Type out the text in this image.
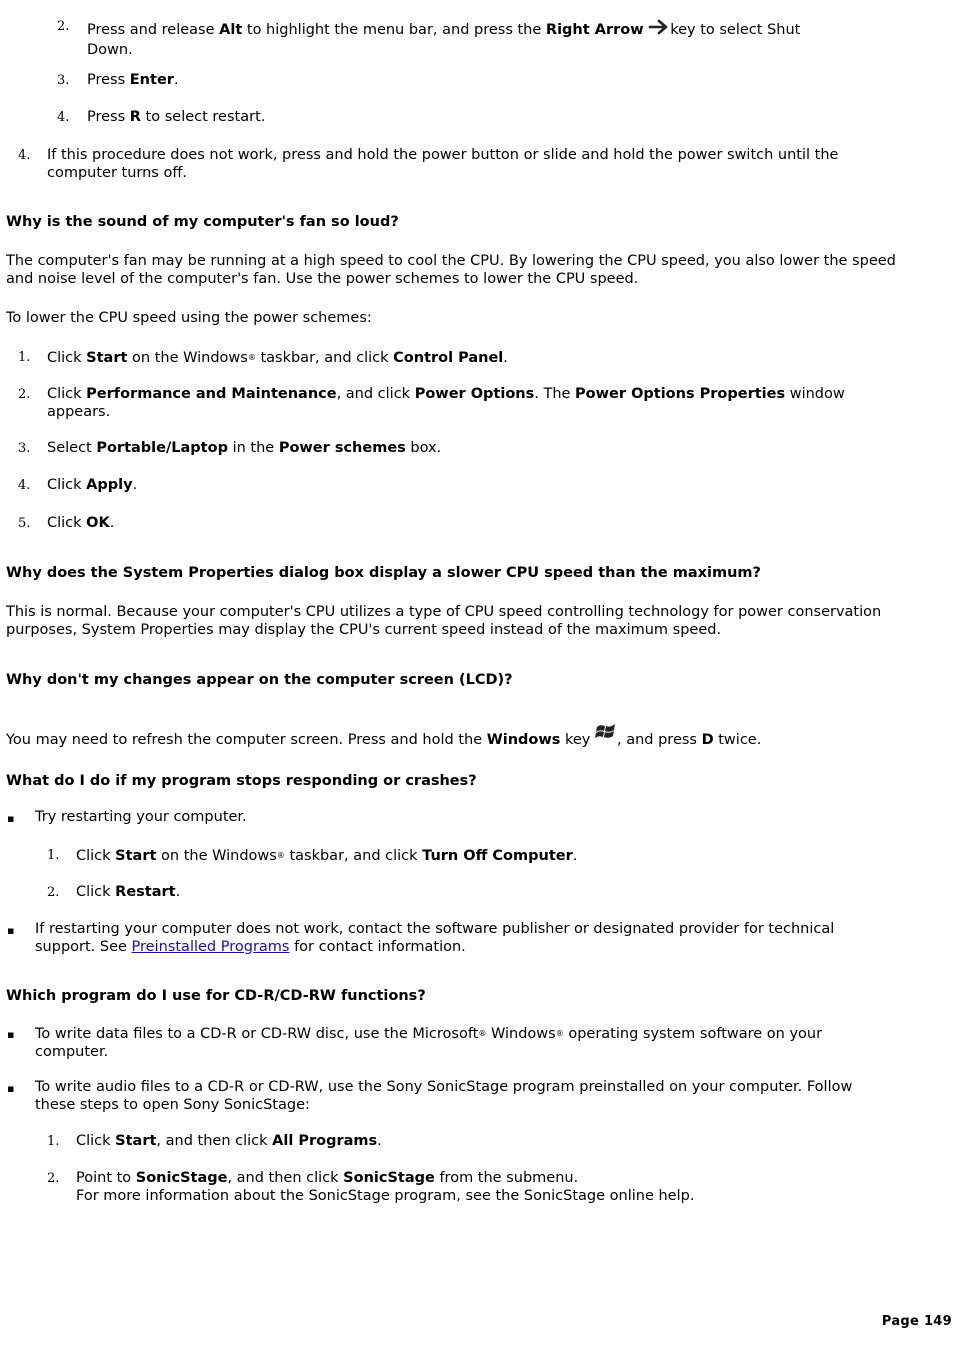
2. Press and release Alt to highlight the menu bar, and press the Right Arrow key to select Shut
Down.
3. Press Enter.
4. Press R to select restart.
4. If this procedure does not work, press and hold the power button or slide and hold the power switch until the
computer turns off.
Why is the sound of my computer's fan so loud?
The computer's fan may be running at a high speed to cool the CPU. By lowering the CPU speed, you also lower the speed
and noise level of the computer's fan. Use the power schemes to lower the CPU speed.
To lower the CPU speed using the power schemes:
1. Click Start on the Windows® taskbar, and click Control Panel.
2. Click Performance and Maintenance, and click Power Options. The Power Options Properties window
appears.
3. Select Portable/Laptop in the Power schemes box.
4. Click Apply.
5. Click OK.
Why does the System Properties dialog box display a slower CPU speed than the maximum?
This is normal. Because your computer's CPU utilizes a type of CPU speed controlling technology for power conservation
purposes, System Properties may display the CPU's current speed instead of the maximum speed.
Why don't my changes appear on the computer screen (LCD)?
You may need to refresh the computer screen. Press and hold the Windows key , and press D twice.
What do I do if my program stops responding or crashes?
▪ Try restarting your computer.
1. Click Start on the Windows® taskbar, and click Turn Off Computer.
2. Click Restart.
▪ If restarting your computer does not work, contact the software publisher or designated provider for technical
support. See Preinstalled Programs for contact information.
Which program do I use for CD-R/CD-RW functions?
▪ To write data files to a CD-R or CD-RW disc, use the Microsoft® Windows® operating system software on your
computer.
▪ To write audio files to a CD-R or CD-RW, use the Sony SonicStage program preinstalled on your computer. Follow
these steps to open Sony SonicStage:
1. Click Start, and then click All Programs.
2. Point to SonicStage, and then click SonicStage from the submenu.
For more information about the SonicStage program, see the SonicStage online help.
Page 149
